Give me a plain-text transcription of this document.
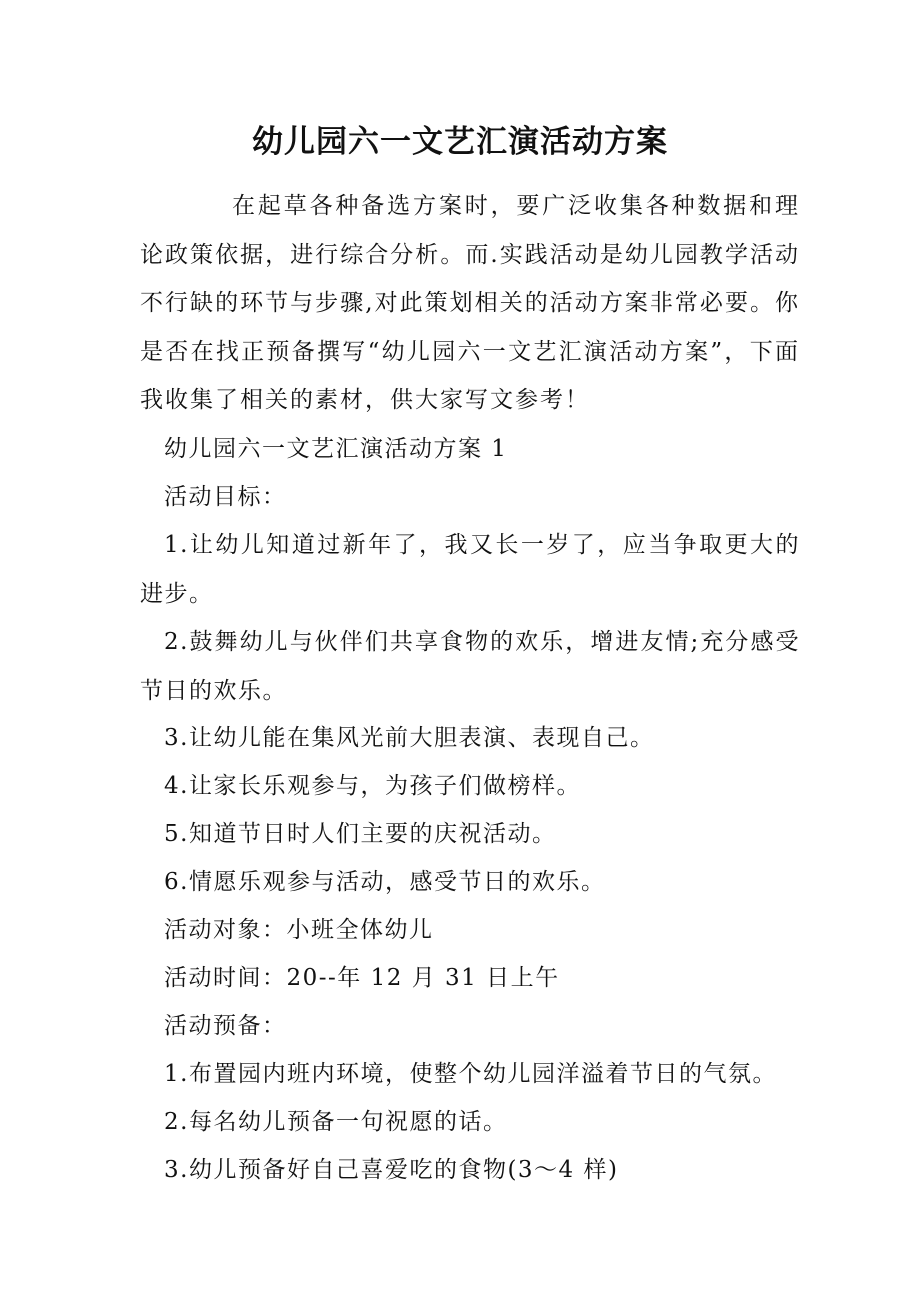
幼儿园六一文艺汇演活动方案

在起草各种备选方案时，要广泛收集各种数据和理论政策依据，进行综合分析。而.实践活动是幼儿园教学活动不行缺的环节与步骤,对此策划相关的活动方案非常必要。你是否在找正预备撰写“幼儿园六一文艺汇演活动方案”，下面我收集了相关的素材，供大家写文参考！

幼儿园六一文艺汇演活动方案 1

活动目标：

1.让幼儿知道过新年了，我又长一岁了，应当争取更大的进步。

2.鼓舞幼儿与伙伴们共享食物的欢乐，增进友情;充分感受节日的欢乐。

3.让幼儿能在集风光前大胆表演、表现自己。

4.让家长乐观参与，为孩子们做榜样。

5.知道节日时人们主要的庆祝活动。

6.情愿乐观参与活动，感受节日的欢乐。

活动对象：小班全体幼儿

活动时间：20--年 12 月 31 日上午

活动预备：

1.布置园内班内环境，使整个幼儿园洋溢着节日的气氛。

2.每名幼儿预备一句祝愿的话。

3.幼儿预备好自己喜爱吃的食物(3～4 样)
